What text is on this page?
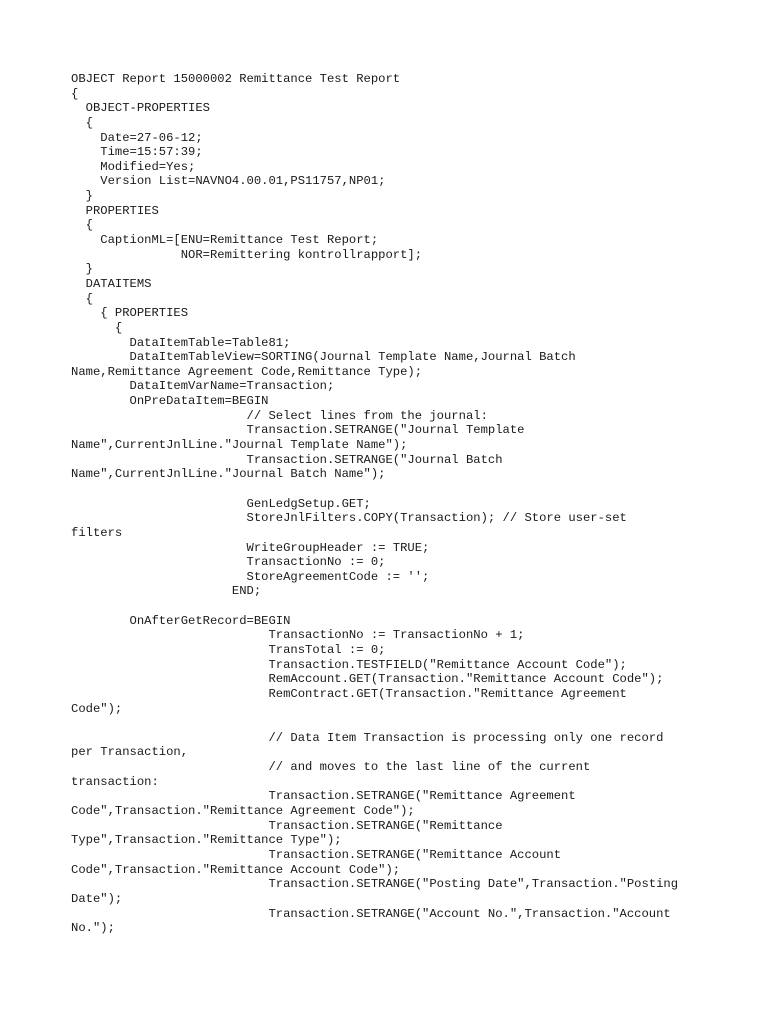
OBJECT Report 15000002 Remittance Test Report
{
OBJECT-PROPERTIES
{
Date=27-06-12;
Time=15:57:39;
Modified=Yes;
Version List=NAVNO4.00.01,PS11757,NP01;
}
PROPERTIES
{
CaptionML=[ENU=Remittance Test Report;
NOR=Remittering kontrollrapport];
}
DATAITEMS
{
{ PROPERTIES
{
DataItemTable=Table81;
DataItemTableView=SORTING(Journal Template Name,Journal Batch
Name,Remittance Agreement Code,Remittance Type);
DataItemVarName=Transaction;
OnPreDataItem=BEGIN
// Select lines from the journal:
Transaction.SETRANGE("Journal Template
Name",CurrentJnlLine."Journal Template Name");
Transaction.SETRANGE("Journal Batch
Name",CurrentJnlLine."Journal Batch Name");
GenLedgSetup.GET;
StoreJnlFilters.COPY(Transaction); // Store user-set
filters
WriteGroupHeader := TRUE;
TransactionNo := 0;
StoreAgreementCode := '';
END;
OnAfterGetRecord=BEGIN
TransactionNo := TransactionNo + 1;
TransTotal := 0;
Transaction.TESTFIELD("Remittance Account Code");
RemAccount.GET(Transaction."Remittance Account Code");
RemContract.GET(Transaction."Remittance Agreement
Code");
// Data Item Transaction is processing only one record
per Transaction,
// and moves to the last line of the current
transaction:
Transaction.SETRANGE("Remittance Agreement
Code",Transaction."Remittance Agreement Code");
Transaction.SETRANGE("Remittance
Type",Transaction."Remittance Type");
Transaction.SETRANGE("Remittance Account
Code",Transaction."Remittance Account Code");
Transaction.SETRANGE("Posting Date",Transaction."Posting
Date");
Transaction.SETRANGE("Account No.",Transaction."Account
No.");
